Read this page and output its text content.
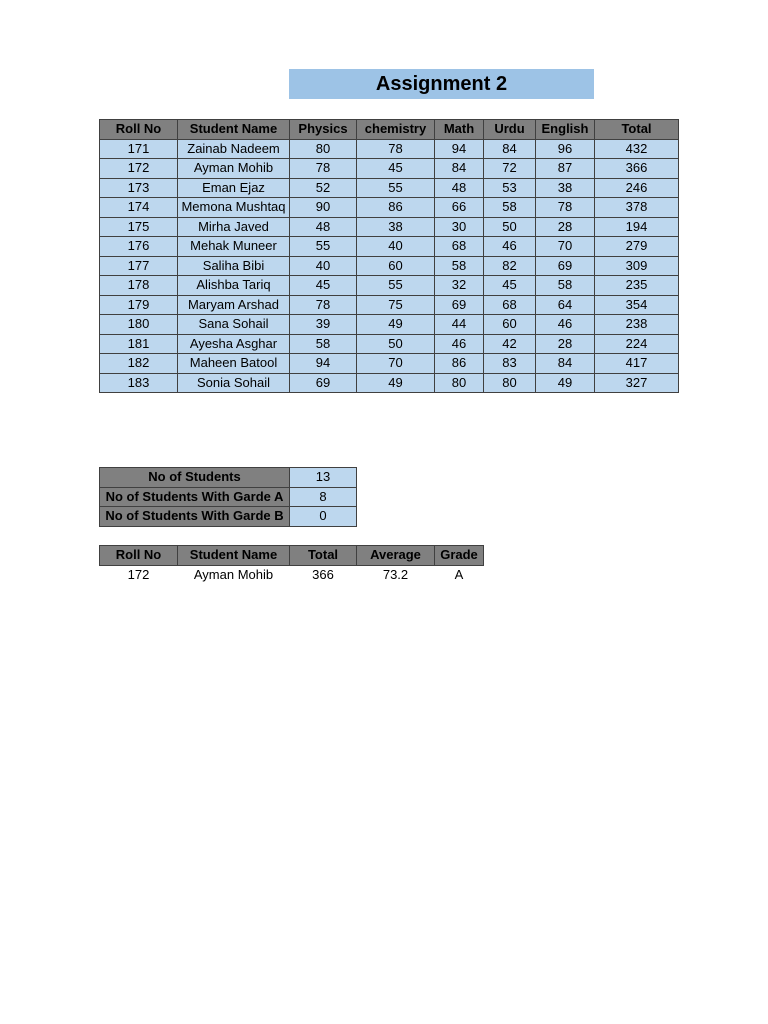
Assignment 2
Roll No	Student Name	Physics	chemistry	Math	Urdu	English	Total
171	Zainab Nadeem	80	78	94	84	96	432
172	Ayman Mohib	78	45	84	72	87	366
173	Eman Ejaz	52	55	48	53	38	246
174	Memona Mushtaq	90	86	66	58	78	378
175	Mirha Javed	48	38	30	50	28	194
176	Mehak Muneer	55	40	68	46	70	279
177	Saliha Bibi	40	60	58	82	69	309
178	Alishba Tariq	45	55	32	45	58	235
179	Maryam Arshad	78	75	69	68	64	354
180	Sana Sohail	39	49	44	60	46	238
181	Ayesha Asghar	58	50	46	42	28	224
182	Maheen Batool	94	70	86	83	84	417
183	Sonia Sohail	69	49	80	80	49	327
No of Students	13
No of Students With Garde A	8
No of Students With Garde B	0
Roll No	Student Name	Total	Average	Grade
172	Ayman Mohib	366	73.2	A
